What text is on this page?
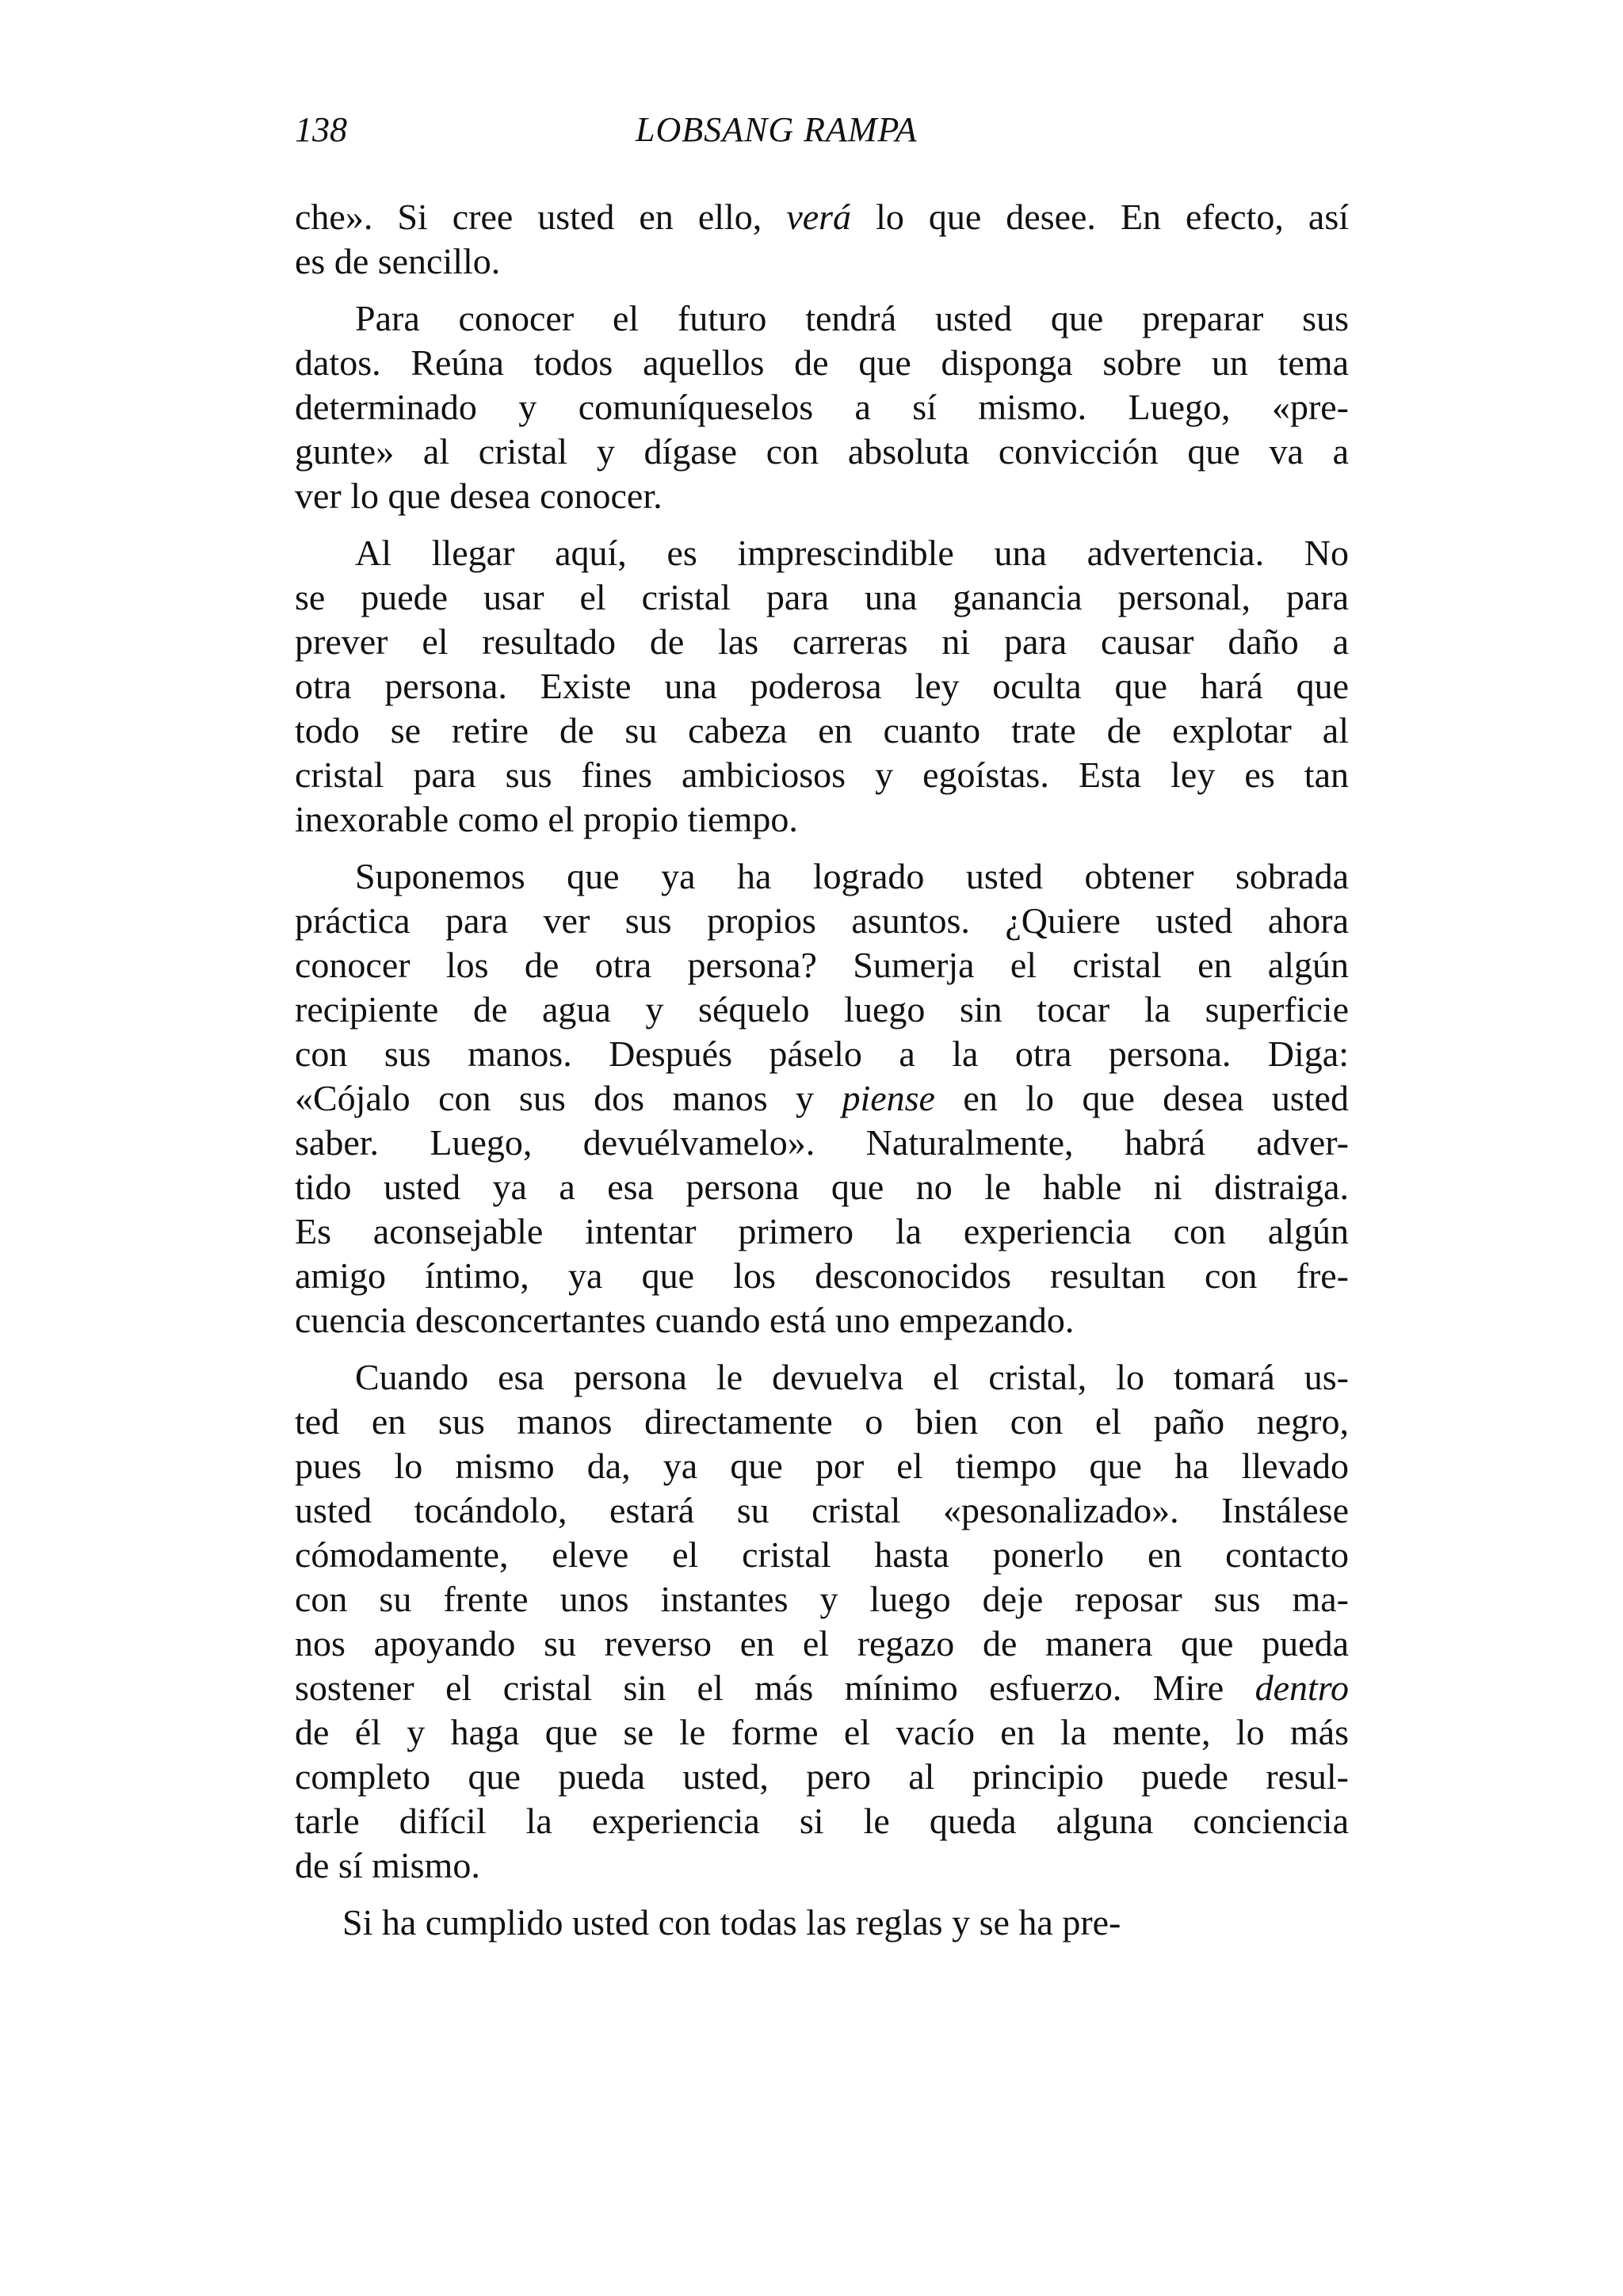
138	LOBSANG RAMPA

che». Si cree usted en ello, verá lo que desee. En efecto, así
es de sencillo.

Para conocer el futuro tendrá usted que preparar sus
datos. Reúna todos aquellos de que disponga sobre un tema
determinado y comuníqueselos a sí mismo. Luego, «pre-
gunte» al cristal y dígase con absoluta convicción que va a
ver lo que desea conocer.

Al llegar aquí, es imprescindible una advertencia. No
se puede usar el cristal para una ganancia personal, para
prever el resultado de las carreras ni para causar daño a
otra persona. Existe una poderosa ley oculta que hará que
todo se retire de su cabeza en cuanto trate de explotar al
cristal para sus fines ambiciosos y egoístas. Esta ley es tan
inexorable como el propio tiempo.

Suponemos que ya ha logrado usted obtener sobrada
práctica para ver sus propios asuntos. ¿Quiere usted ahora
conocer los de otra persona? Sumerja el cristal en algún
recipiente de agua y séquelo luego sin tocar la superficie
con sus manos. Después páselo a la otra persona. Diga:
«Cójalo con sus dos manos y piense en lo que desea usted
saber. Luego, devuélvamelo». Naturalmente, habrá adver-
tido usted ya a esa persona que no le hable ni distraiga.
Es aconsejable intentar primero la experiencia con algún
amigo íntimo, ya que los desconocidos resultan con fre-
cuencia desconcertantes cuando está uno empezando.

Cuando esa persona le devuelva el cristal, lo tomará us-
ted en sus manos directamente o bien con el paño negro,
pues lo mismo da, ya que por el tiempo que ha llevado
usted tocándolo, estará su cristal «pesonalizado». Instálese
cómodamente, eleve el cristal hasta ponerlo en contacto
con su frente unos instantes y luego deje reposar sus ma-
nos apoyando su reverso en el regazo de manera que pueda
sostener el cristal sin el más mínimo esfuerzo. Mire dentro
de él y haga que se le forme el vacío en la mente, lo más
completo que pueda usted, pero al principio puede resul-
tarle difícil la experiencia si le queda alguna conciencia
de sí mismo.

Si ha cumplido usted con todas las reglas y se ha pre-
